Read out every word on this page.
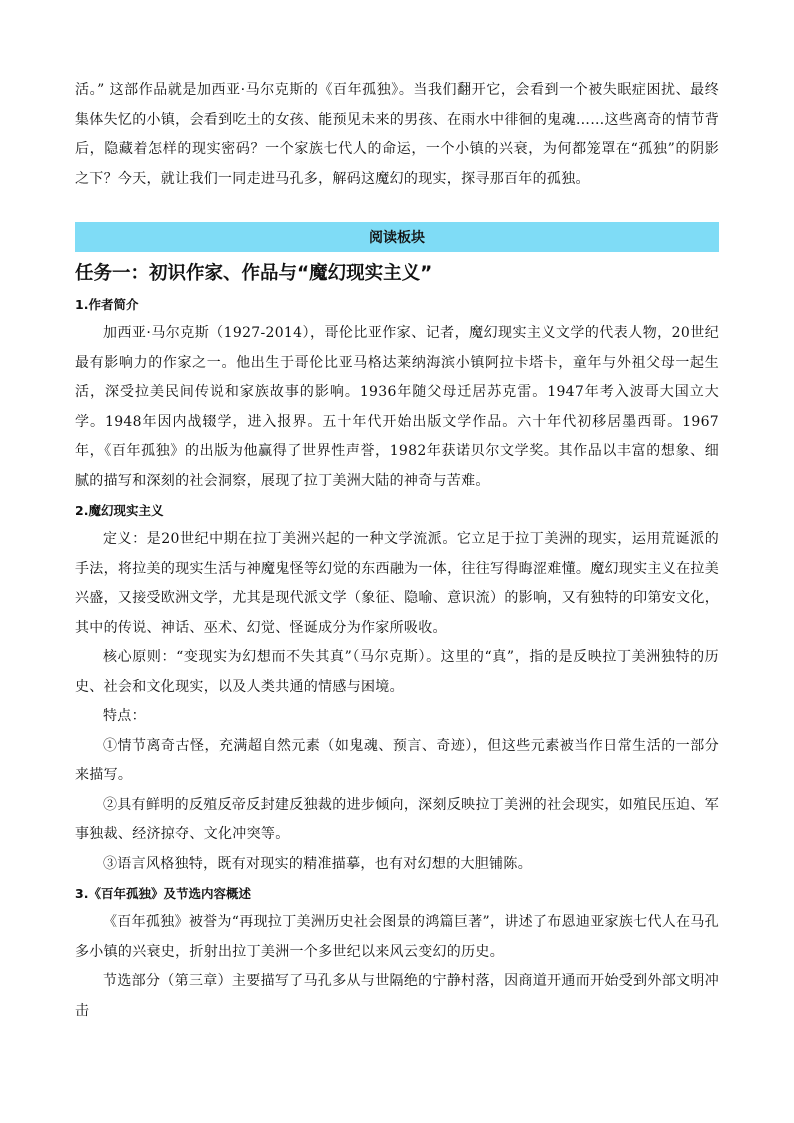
活。” 这部作品就是加西亚·马尔克斯的《百年孤独》。当我们翻开它，会看到一个被失眠症困扰、最终集体失忆的小镇，会看到吃土的女孩、能预见未来的男孩、在雨水中徘徊的鬼魂……这些离奇的情节背后，隐藏着怎样的现实密码？一个家族七代人的命运，一个小镇的兴衰，为何都笼罩在“孤独”的阴影之下？今天，就让我们一同走进马孔多，解码这魔幻的现实，探寻那百年的孤独。

阅读板块
任务一：初识作家、作品与“魔幻现实主义”
1.作者简介

加西亚·马尔克斯（1927-2014），哥伦比亚作家、记者，魔幻现实主义文学的代表人物，20世纪最有影响力的作家之一。他出生于哥伦比亚马格达莱纳海滨小镇阿拉卡塔卡，童年与外祖父母一起生活，深受拉美民间传说和家族故事的影响。1936年随父母迁居苏克雷。1947年考入波哥大国立大学。1948年因内战辍学，进入报界。五十年代开始出版文学作品。六十年代初移居墨西哥。1967年，《百年孤独》的出版为他赢得了世界性声誉，1982年获诺贝尔文学奖。其作品以丰富的想象、细腻的描写和深刻的社会洞察，展现了拉丁美洲大陆的神奇与苦难。

2.魔幻现实主义

定义：是20世纪中期在拉丁美洲兴起的一种文学流派。它立足于拉丁美洲的现实，运用荒诞派的手法，将拉美的现实生活与神魔鬼怪等幻觉的东西融为一体，往往写得晦涩难懂。魔幻现实主义在拉美兴盛，又接受欧洲文学，尤其是现代派文学（象征、隐喻、意识流）的影响，又有独特的印第安文化，其中的传说、神话、巫术、幻觉、怪诞成分为作家所吸收。

核心原则：“变现实为幻想而不失其真”（马尔克斯）。这里的“真”，指的是反映拉丁美洲独特的历史、社会和文化现实，以及人类共通的情感与困境。

特点：

①情节离奇古怪，充满超自然元素（如鬼魂、预言、奇迹），但这些元素被当作日常生活的一部分来描写。

②具有鲜明的反殖反帝反封建反独裁的进步倾向，深刻反映拉丁美洲的社会现实，如殖民压迫、军事独裁、经济掠夺、文化冲突等。

③语言风格独特，既有对现实的精准描摹，也有对幻想的大胆铺陈。

3.《百年孤独》及节选内容概述

《百年孤独》被誉为“再现拉丁美洲历史社会图景的鸿篇巨著”，讲述了布恩迪亚家族七代人在马孔多小镇的兴衰史，折射出拉丁美洲一个多世纪以来风云变幻的历史。

节选部分（第三章）主要描写了马孔多从与世隔绝的宁静村落，因商道开通而开始受到外部文明冲击
